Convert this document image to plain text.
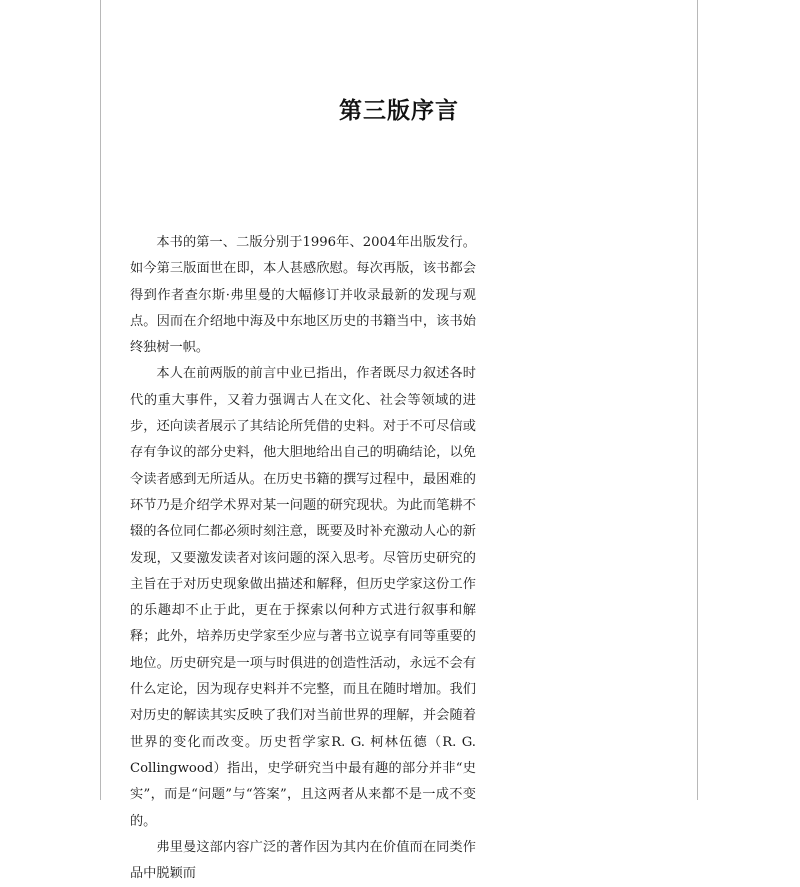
第三版序言

本书的第一、二版分别于1996年、2004年出版发行。如今第三版面世在即，本人甚感欣慰。每次再版，该书都会得到作者查尔斯·弗里曼的大幅修订并收录最新的发现与观点。因而在介绍地中海及中东地区历史的书籍当中，该书始终独树一帜。

本人在前两版的前言中业已指出，作者既尽力叙述各时代的重大事件，又着力强调古人在文化、社会等领域的进步，还向读者展示了其结论所凭借的史料。对于不可尽信或存有争议的部分史料，他大胆地给出自己的明确结论，以免令读者感到无所适从。在历史书籍的撰写过程中，最困难的环节乃是介绍学术界对某一问题的研究现状。为此而笔耕不辍的各位同仁都必须时刻注意，既要及时补充激动人心的新发现，又要激发读者对该问题的深入思考。尽管历史研究的主旨在于对历史现象做出描述和解释，但历史学家这份工作的乐趣却不止于此，更在于探索以何种方式进行叙事和解释；此外，培养历史学家至少应与著书立说享有同等重要的地位。历史研究是一项与时俱进的创造性活动，永远不会有什么定论，因为现存史料并不完整，而且在随时增加。我们对历史的解读其实反映了我们对当前世界的理解，并会随着世界的变化而改变。历史哲学家R. G. 柯林伍德（R. G. Collingwood）指出，史学研究当中最有趣的部分并非“史实”，而是“问题”与“答案”，且这两者从来都不是一成不变的。

弗里曼这部内容广泛的著作因为其内在价值而在同类作品中脱颖而
